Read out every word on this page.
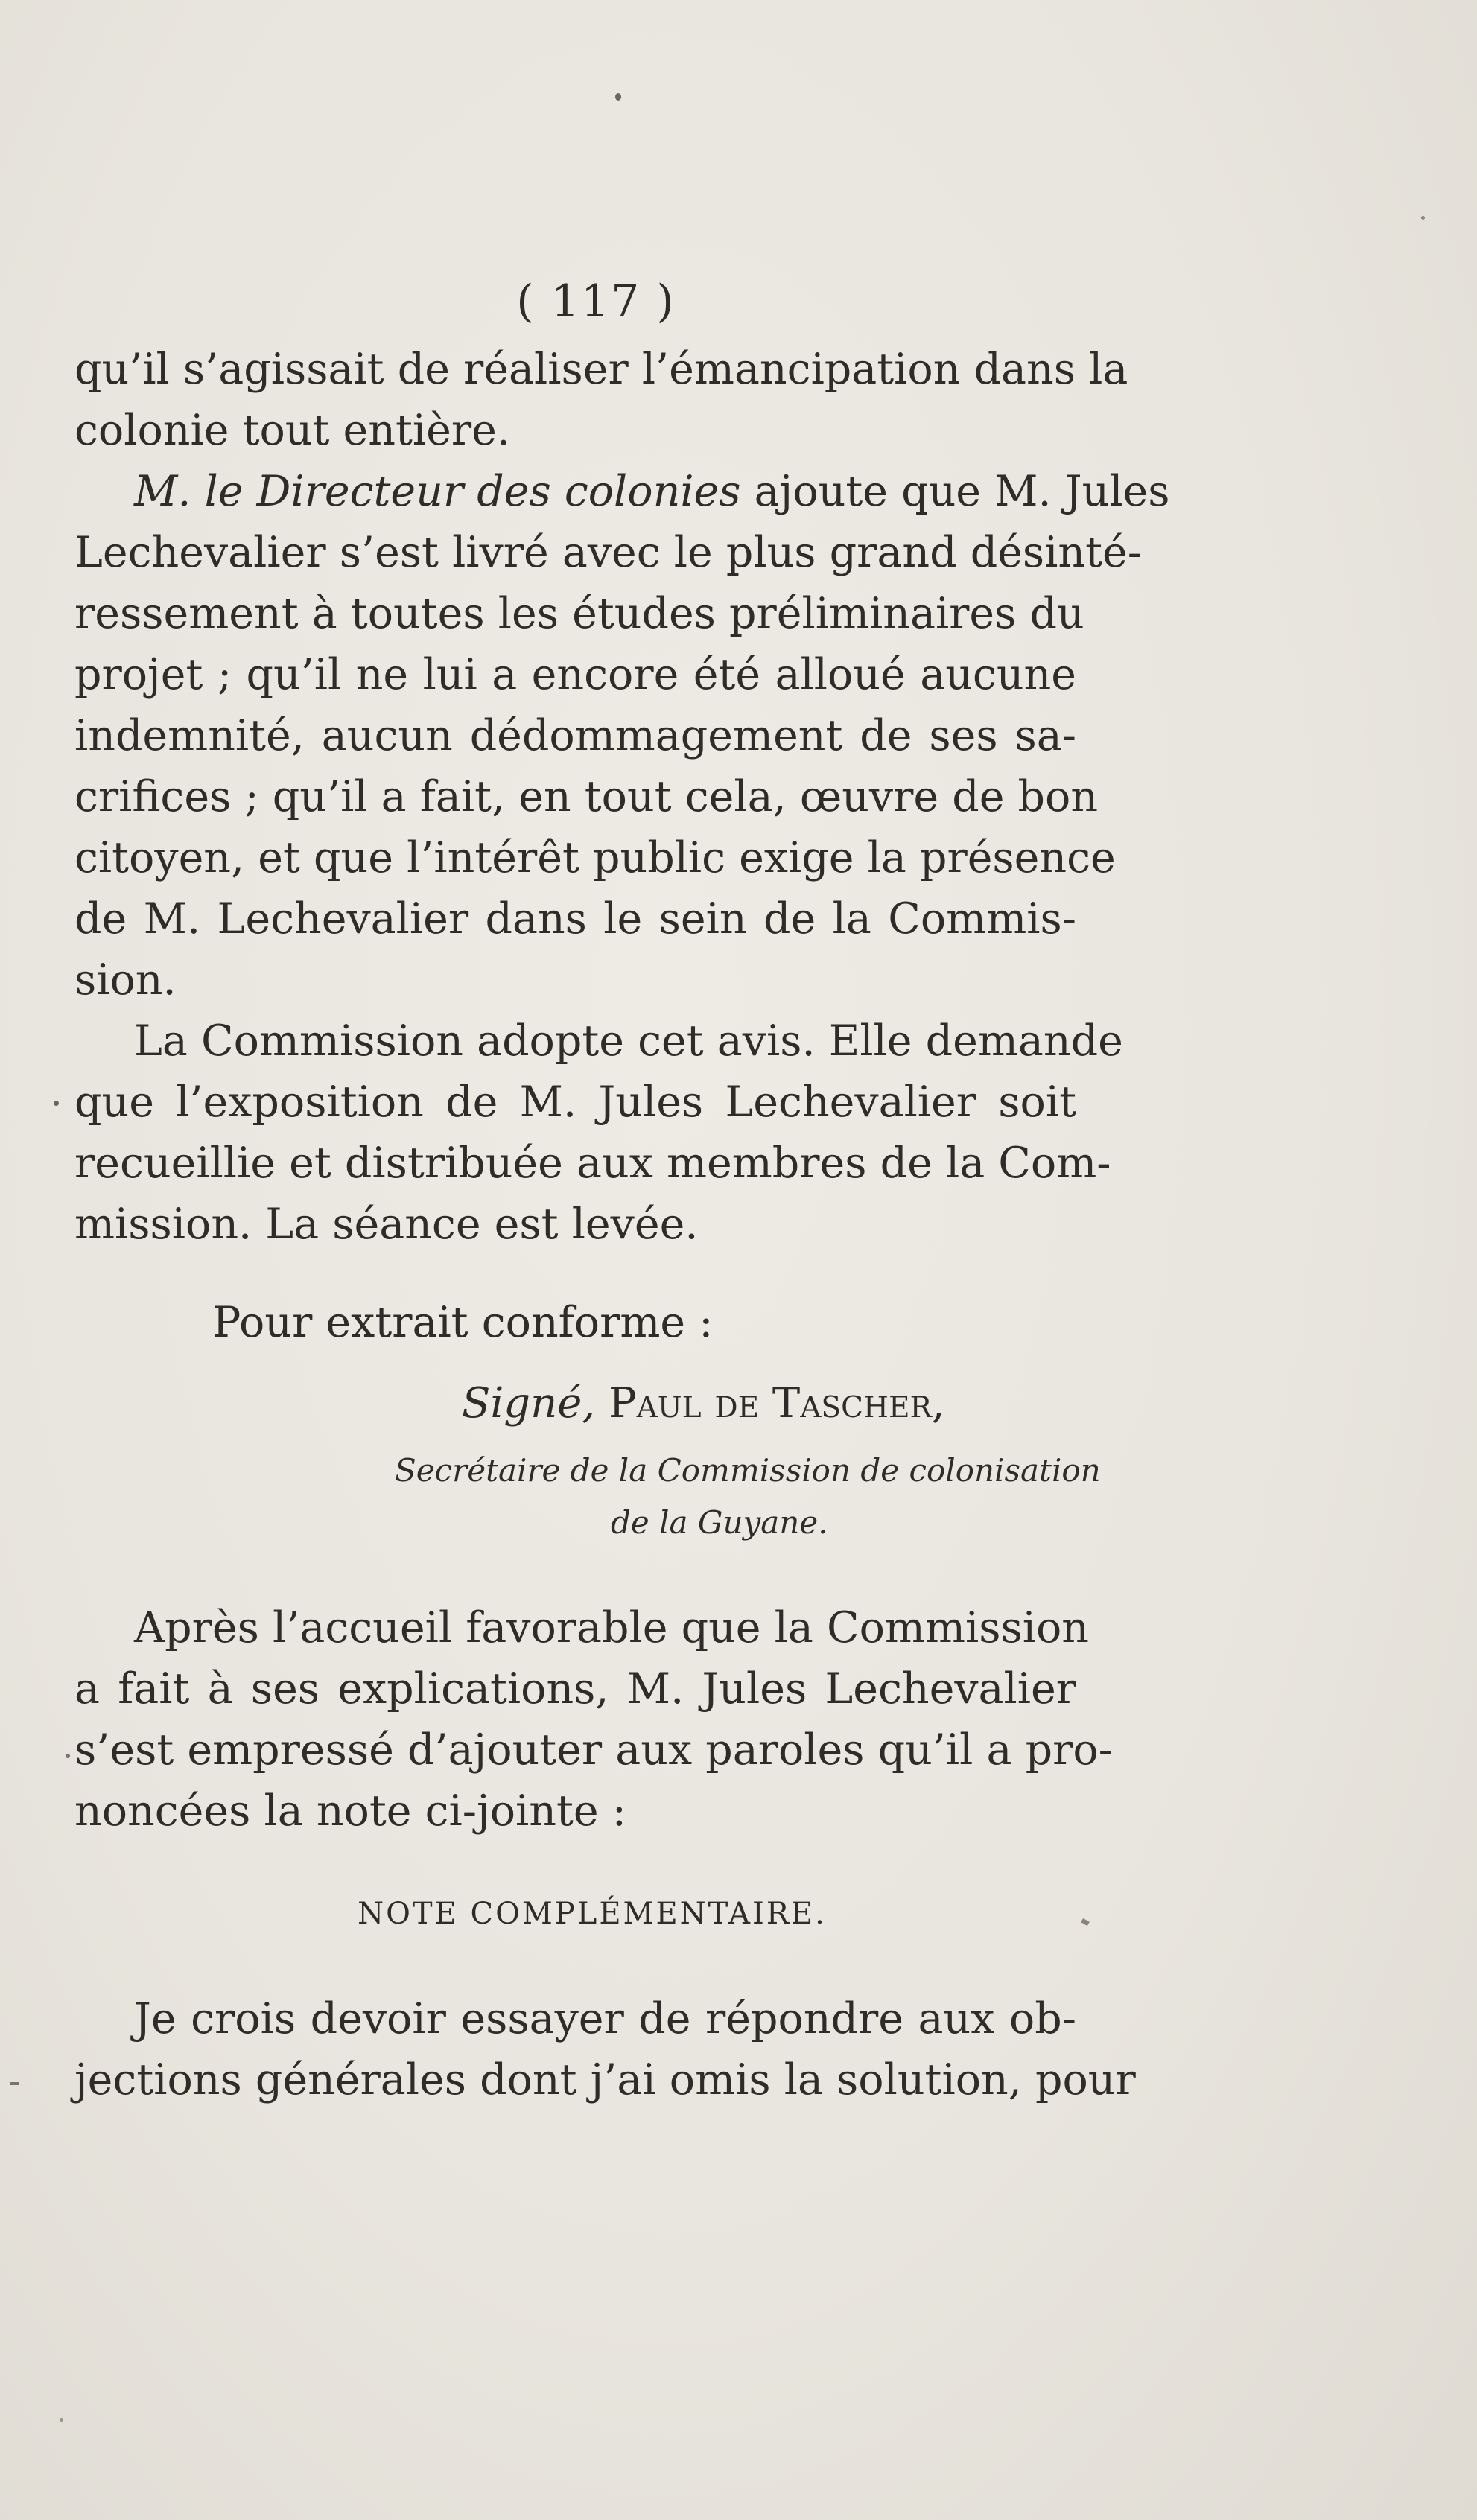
( 117 )
qu’il s’agissait de réaliser l’émancipation dans la
colonie tout entière.
M. le Directeur des colonies ajoute que M. Jules
Lechevalier s’est livré avec le plus grand désinté-
ressement à toutes les études préliminaires du
projet ; qu’il ne lui a encore été alloué aucune
indemnité, aucun dédommagement de ses sa-
crifices ; qu’il a fait, en tout cela, œuvre de bon
citoyen, et que l’intérêt public exige la présence
de M. Lechevalier dans le sein de la Commis-
sion.
La Commission adopte cet avis. Elle demande
que l’exposition de M. Jules Lechevalier soit
recueillie et distribuée aux membres de la Com-
mission. La séance est levée.
Pour extrait conforme :
Signé, Paul de Tascher,
Secrétaire de la Commission de colonisation
de la Guyane.
Après l’accueil favorable que la Commission
a fait à ses explications, M. Jules Lechevalier
s’est empressé d’ajouter aux paroles qu’il a pro-
noncées la note ci-jointe :
NOTE COMPLÉMENTAIRE.
Je crois devoir essayer de répondre aux ob-
jections générales dont j’ai omis la solution, pour
